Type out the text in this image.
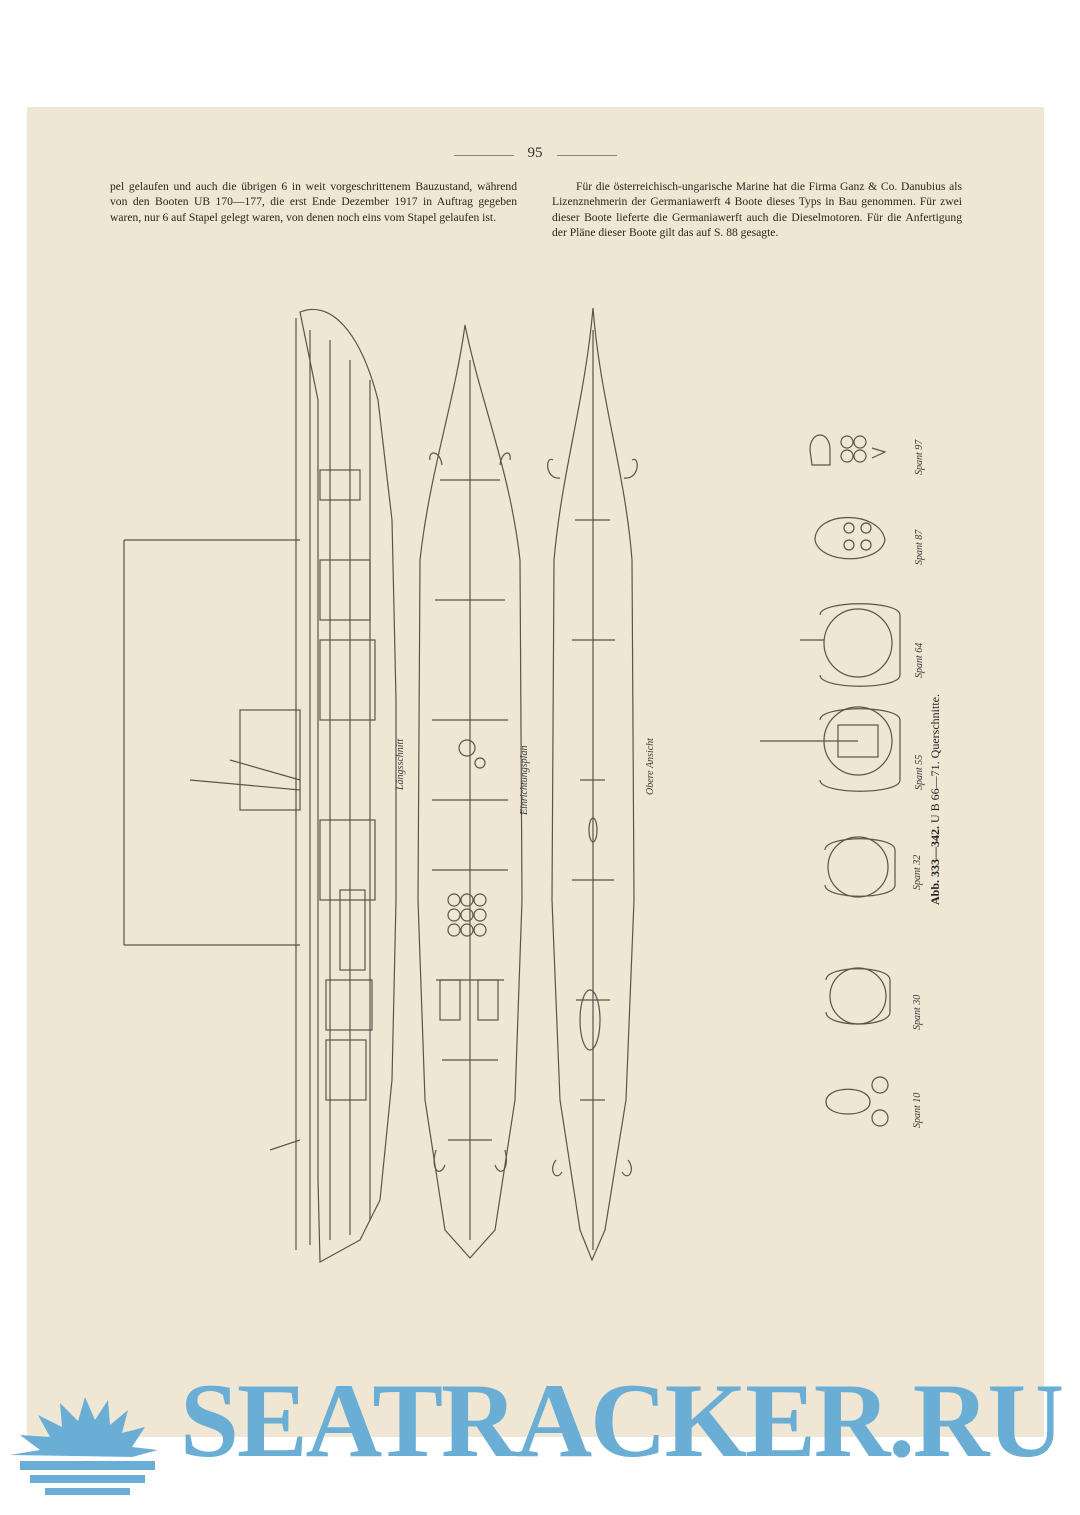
95
pel gelaufen und auch die übrigen 6 in weit vorgeschrittenem Bauzustand, während von den Booten UB 170—177, die erst Ende Dezember 1917 in Auftrag gegeben waren, nur 6 auf Stapel gelegt waren, von denen noch eins vom Stapel gelaufen ist.
Für die österreichisch-ungarische Marine hat die Firma Ganz & Co. Danubius als Lizenznehmerin der Germaniawerft 4 Boote dieses Typs in Bau genommen. Für zwei dieser Boote lieferte die Germaniawerft auch die Dieselmotoren. Für die Anfertigung der Pläne dieser Boote gilt das auf S. 88 gesagte.
Längsschnitt	Einrichtungsplan	Obere Ansicht
Spant 97
Spant 87
Spant 64
Spant 55
Spant 32
Spant 30
Spant 10
Abb. 333—342. U B 66—71. Querschnitte.
SEATRACKER.RU
